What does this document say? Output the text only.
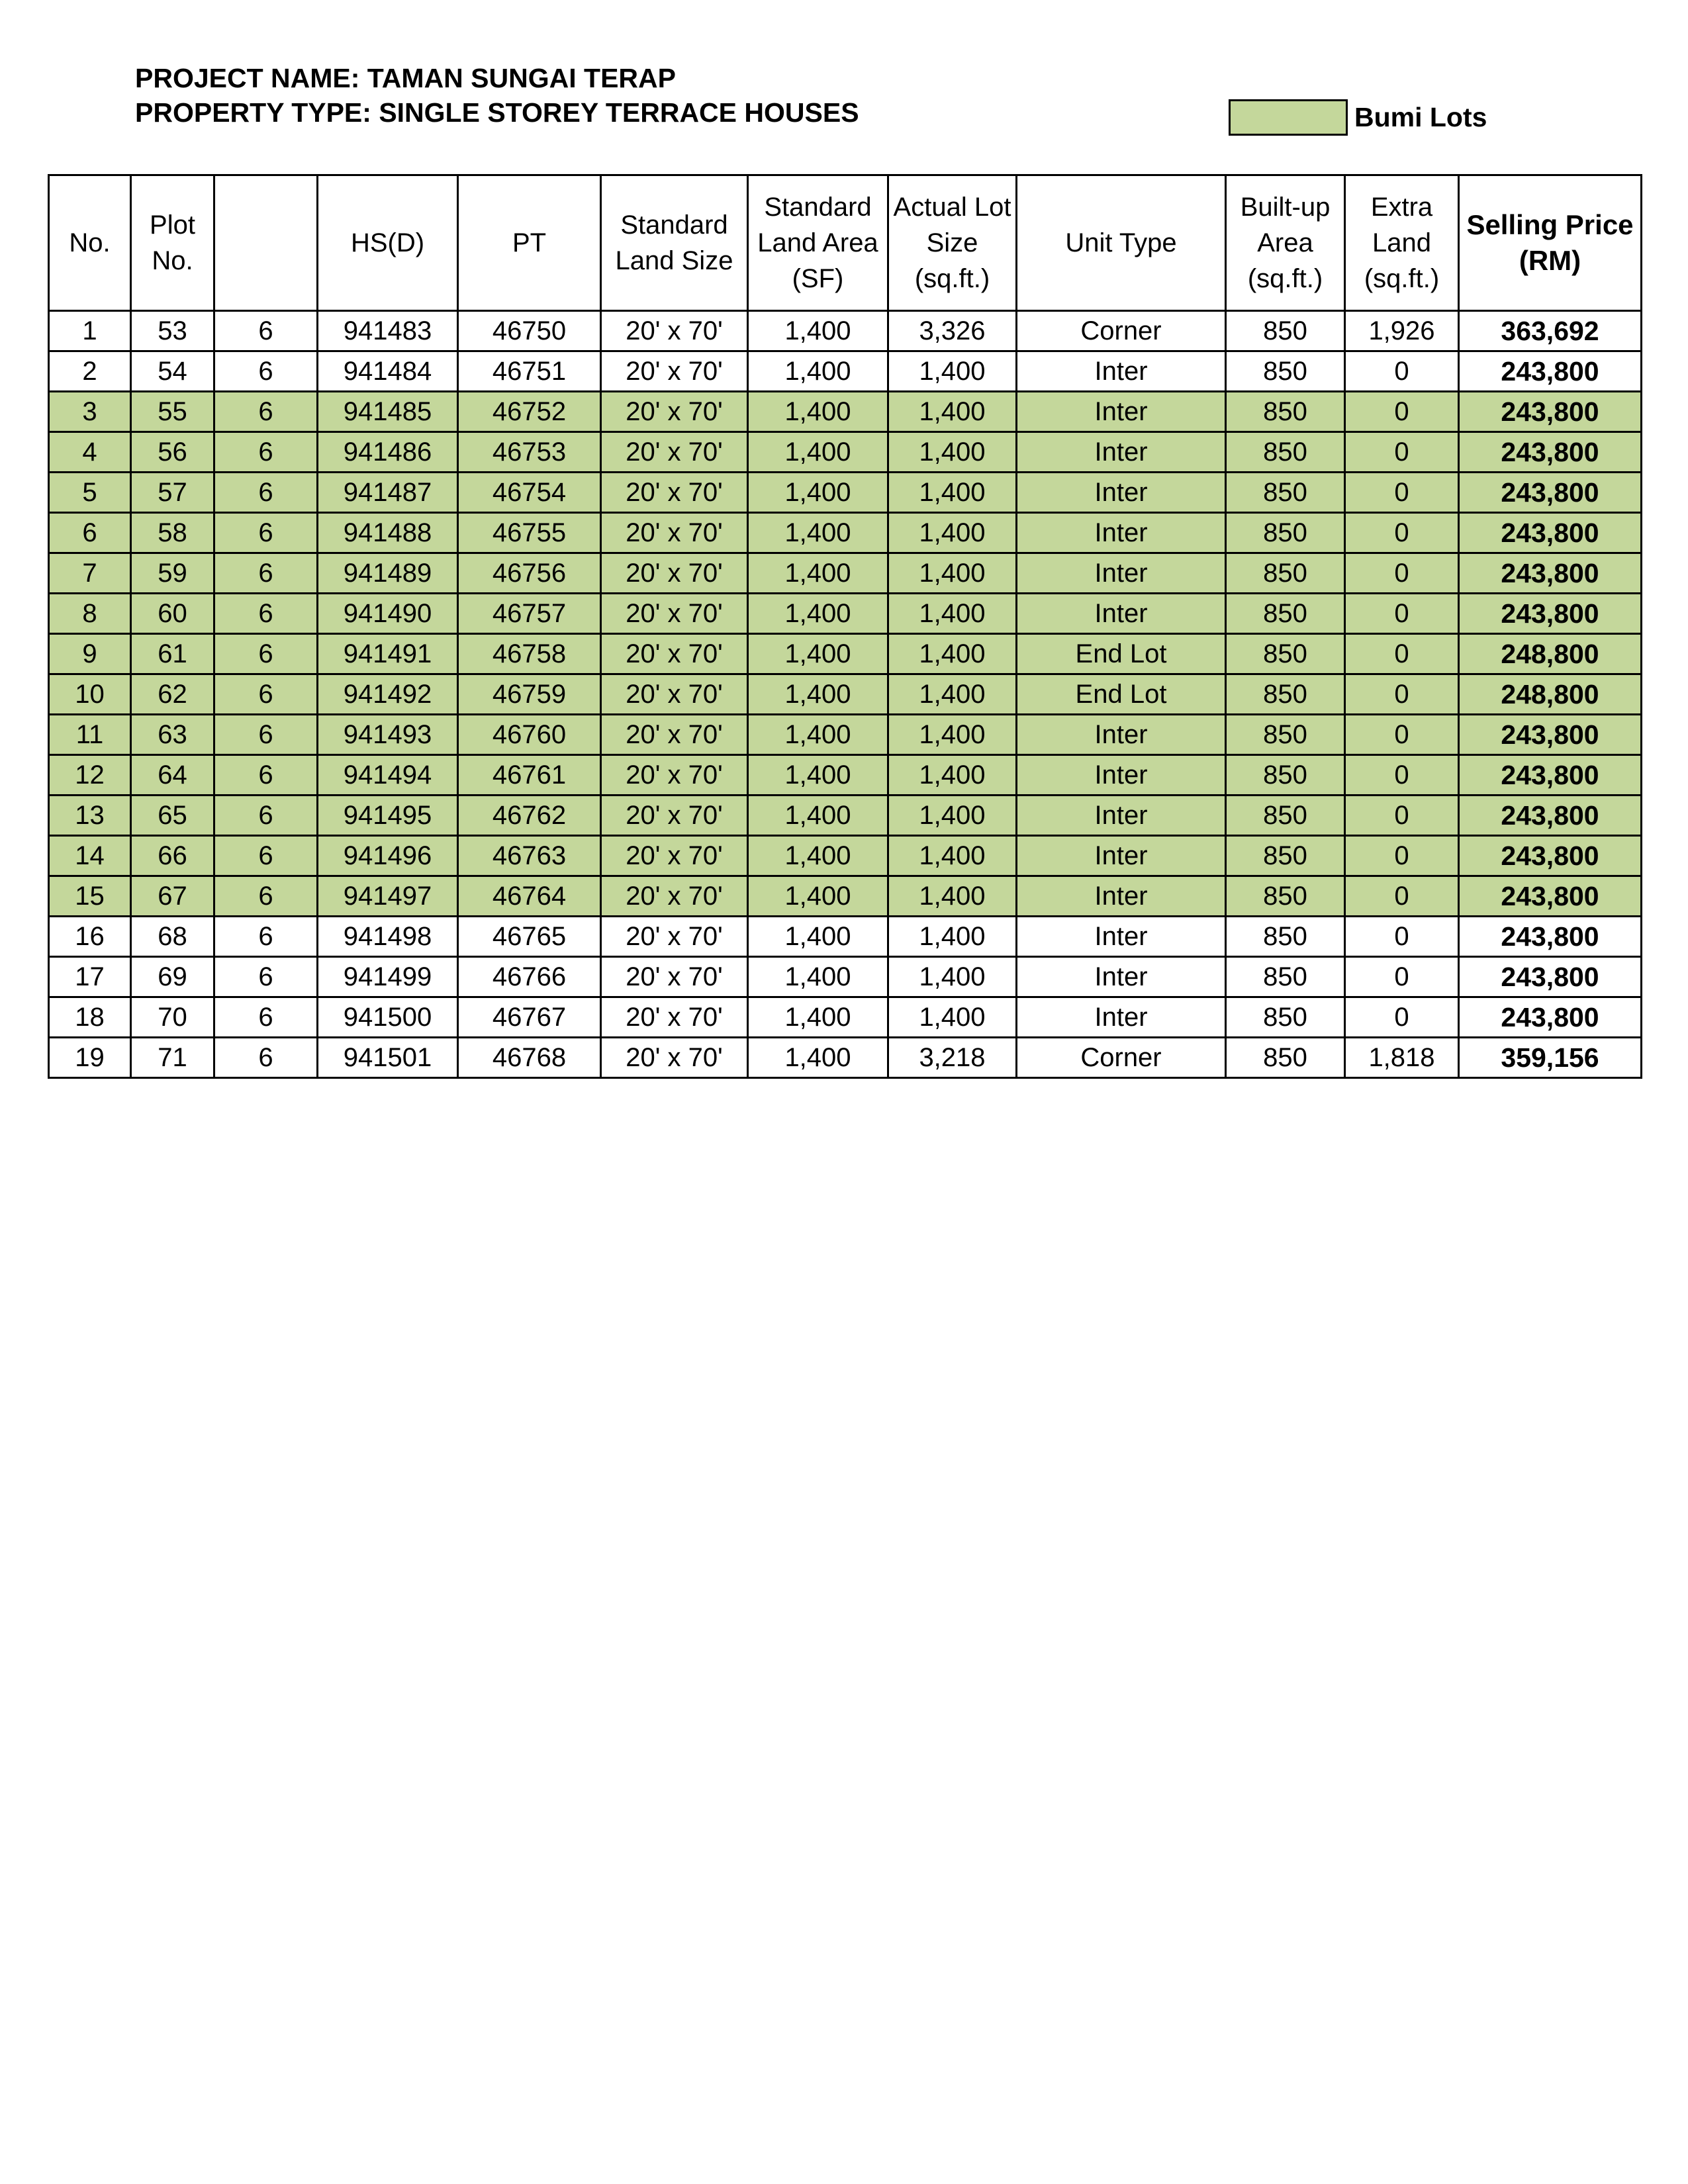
PROJECT NAME: TAMAN SUNGAI TERAP
PROPERTY TYPE: SINGLE STOREY TERRACE HOUSES	Bumi Lots
No.	Plot No.		HS(D)	PT	Standard Land Size	Standard Land Area (SF)	Actual Lot Size (sq.ft.)	Unit Type	Built-up Area (sq.ft.)	Extra Land (sq.ft.)	Selling Price (RM)
1	53	6	941483	46750	20' x 70'	1,400	3,326	Corner	850	1,926	363,692
2	54	6	941484	46751	20' x 70'	1,400	1,400	Inter	850	0	243,800
3	55	6	941485	46752	20' x 70'	1,400	1,400	Inter	850	0	243,800
4	56	6	941486	46753	20' x 70'	1,400	1,400	Inter	850	0	243,800
5	57	6	941487	46754	20' x 70'	1,400	1,400	Inter	850	0	243,800
6	58	6	941488	46755	20' x 70'	1,400	1,400	Inter	850	0	243,800
7	59	6	941489	46756	20' x 70'	1,400	1,400	Inter	850	0	243,800
8	60	6	941490	46757	20' x 70'	1,400	1,400	Inter	850	0	243,800
9	61	6	941491	46758	20' x 70'	1,400	1,400	End Lot	850	0	248,800
10	62	6	941492	46759	20' x 70'	1,400	1,400	End Lot	850	0	248,800
11	63	6	941493	46760	20' x 70'	1,400	1,400	Inter	850	0	243,800
12	64	6	941494	46761	20' x 70'	1,400	1,400	Inter	850	0	243,800
13	65	6	941495	46762	20' x 70'	1,400	1,400	Inter	850	0	243,800
14	66	6	941496	46763	20' x 70'	1,400	1,400	Inter	850	0	243,800
15	67	6	941497	46764	20' x 70'	1,400	1,400	Inter	850	0	243,800
16	68	6	941498	46765	20' x 70'	1,400	1,400	Inter	850	0	243,800
17	69	6	941499	46766	20' x 70'	1,400	1,400	Inter	850	0	243,800
18	70	6	941500	46767	20' x 70'	1,400	1,400	Inter	850	0	243,800
19	71	6	941501	46768	20' x 70'	1,400	3,218	Corner	850	1,818	359,156
